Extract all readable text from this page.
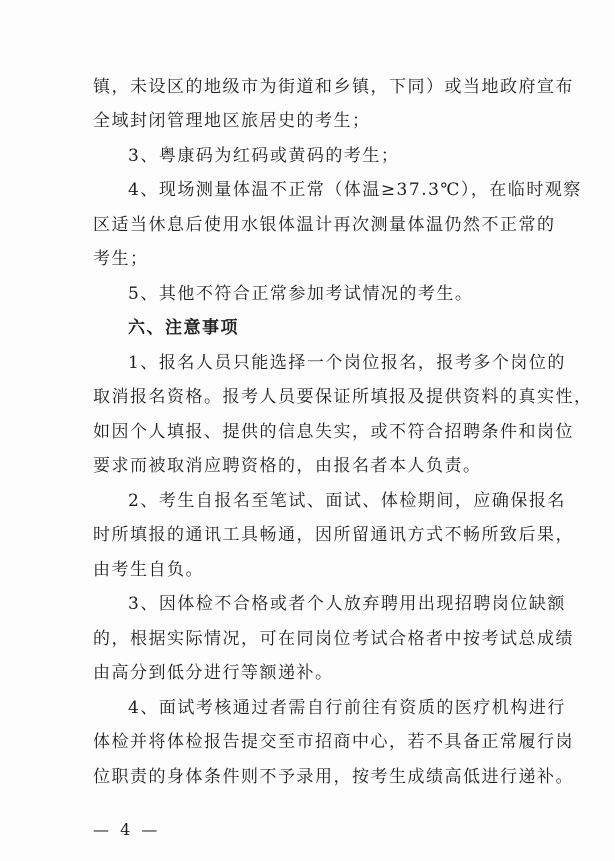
镇，未设区的地级市为街道和乡镇，下同）或当地政府宣布

全域封闭管理地区旅居史的考生；

3、粤康码为红码或黄码的考生；

4、现场测量体温不正常（体温≥37.3℃），在临时观察

区适当休息后使用水银体温计再次测量体温仍然不正常的

考生；

5、其他不符合正常参加考试情况的考生。

六、注意事项

1、报名人员只能选择一个岗位报名，报考多个岗位的

取消报名资格。报考人员要保证所填报及提供资料的真实性，

如因个人填报、提供的信息失实，或不符合招聘条件和岗位

要求而被取消应聘资格的，由报名者本人负责。

2、考生自报名至笔试、面试、体检期间，应确保报名

时所填报的通讯工具畅通，因所留通讯方式不畅所致后果，

由考生自负。

3、因体检不合格或者个人放弃聘用出现招聘岗位缺额

的，根据实际情况，可在同岗位考试合格者中按考试总成绩

由高分到低分进行等额递补。

4、面试考核通过者需自行前往有资质的医疗机构进行

体检并将体检报告提交至市招商中心，若不具备正常履行岗

位职责的身体条件则不予录用，按考生成绩高低进行递补。

— 4 —
